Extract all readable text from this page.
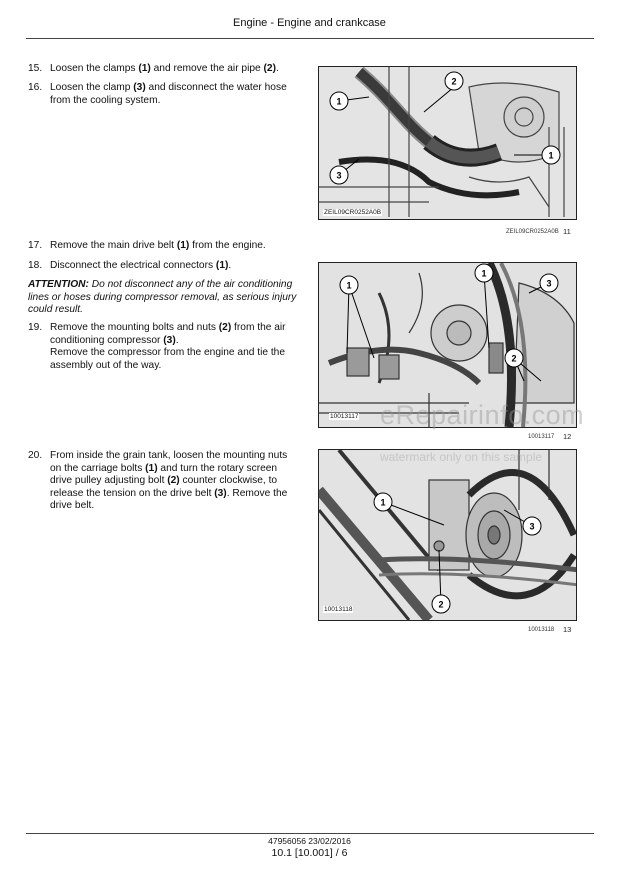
Engine - Engine and crankcase
15. Loosen the clamps (1) and remove the air pipe (2).
16. Loosen the clamp (3) and disconnect the water hose from the cooling system.	1
2
1
3
ZEIL09CR0252A0B
ZEIL09CR0252A0B 11
17. Remove the main drive belt (1) from the engine.
18. Disconnect the electrical connectors (1).
ATTENTION: Do not disconnect any of the air conditioning lines or hoses during compressor removal, as serious injury could result.
19. Remove the mounting bolts and nuts (2) from the air conditioning compressor (3).
Remove the compressor from the engine and tie the assembly out of the way.
1
1
3
2
10013117
10013117 12
20. From inside the grain tank, loosen the mounting nuts on the carriage bolts (1) and turn the rotary screen drive pulley adjusting bolt (2) counter clockwise, to release the tension on the drive belt (3). Remove the drive belt.	1
3
2
10013118
10013118 13
eRepairinfo.com
watermark only on this sample
47956056 23/02/2016
10.1 [10.001] / 6
